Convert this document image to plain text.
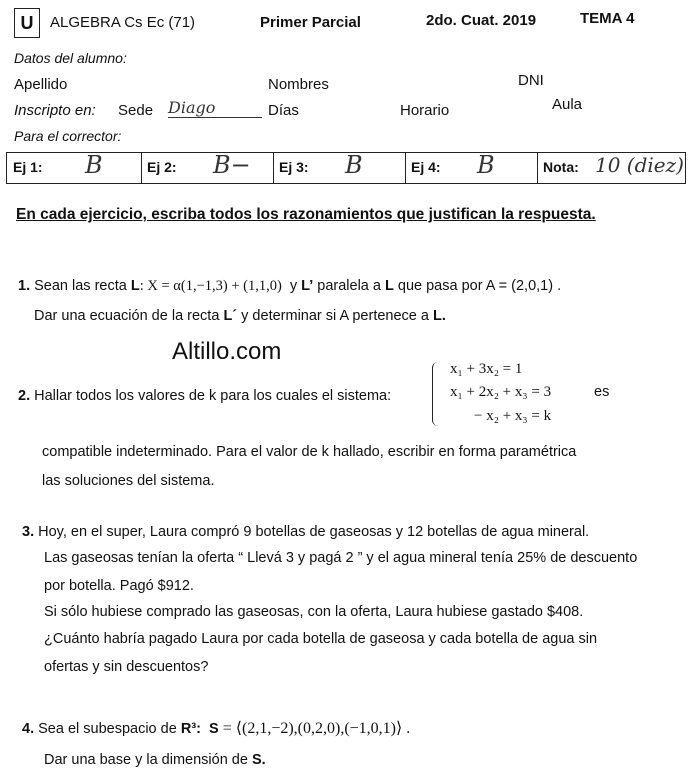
U ALGEBRA Cs Ec (71)	Primer Parcial	2do. Cuat. 2019	TEMA 4
Datos del alumno:
Apellido	Nombres	DNI
Inscripto en: Sede Diago	Días	Horario	Aula
Para el corrector:
Ej 1: B	Ej 2: B− Ej 3: B	Ej 4: B	Nota: 10 (diez)
En cada ejercicio, escriba todos los razonamientos que justifican la respuesta.
1. Sean las recta L: X = α(1,−1,3) + (1,1,0) y L’ paralela a L que pasa por A = (2,0,1) .
Dar una ecuación de la recta L´ y determinar si A pertenece a L.
Altillo.com
2. Hallar todos los valores de k para los cuales el sistema:
x₁ + 3x₂ = 1
x₁ + 2x₂ + x₃ = 3
− x₂ + x₃ = k
es
compatible indeterminado. Para el valor de k hallado, escribir en forma paramétrica
las soluciones del sistema.
3. Hoy, en el super, Laura compró 9 botellas de gaseosas y 12 botellas de agua mineral.
Las gaseosas tenían la oferta “ Llevá 3 y pagá 2 ” y el agua mineral tenía 25% de descuento
por botella. Pagó $912.
Si sólo hubiese comprado las gaseosas, con la oferta, Laura hubiese gastado $408.
¿Cuánto habría pagado Laura por cada botella de gaseosa y cada botella de agua sin
ofertas y sin descuentos?
4. Sea el subespacio de R³: S = ⟨(2,1,−2),(0,2,0),(−1,0,1)⟩ .
Dar una base y la dimensión de S.
